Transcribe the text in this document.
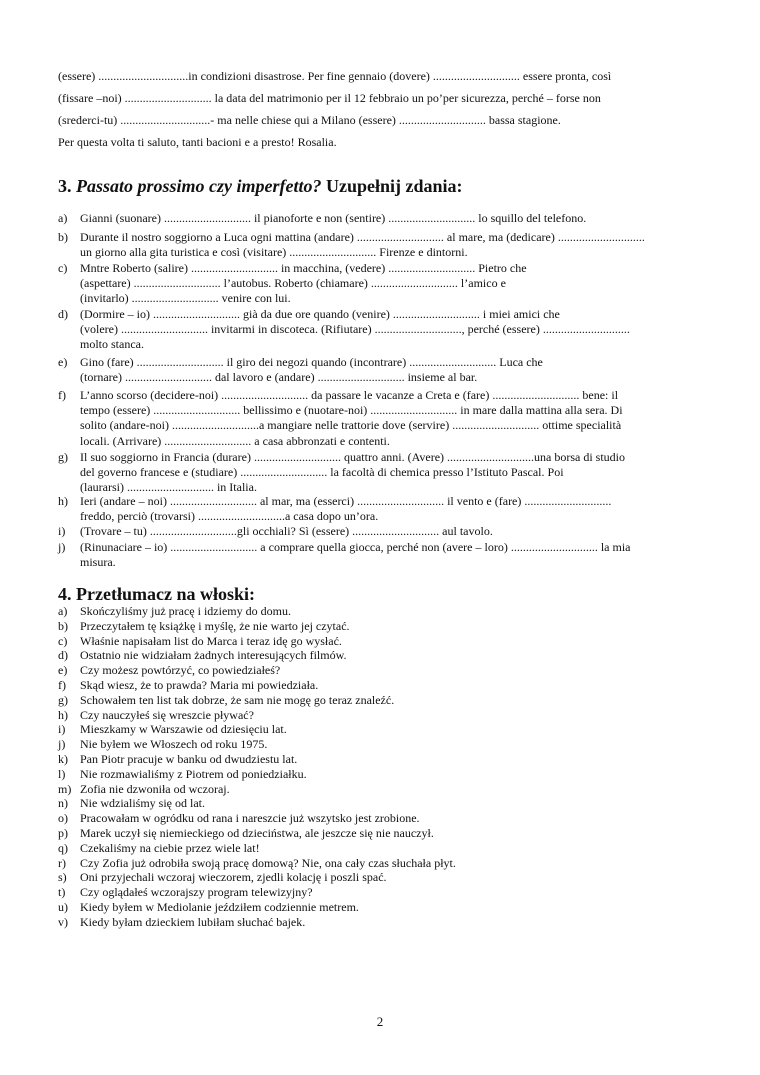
(essere) ..............................in condizioni disastrose. Per fine gennaio (dovere) ............................. essere pronta, così

(fissare –noi) ............................. la data del matrimonio per il 12 febbraio un po’per sicurezza, perché – forse non

(srederci-tu) ..............................- ma nelle chiese qui a Milano (essere) ............................. bassa stagione.

Per questa volta ti saluto, tanti bacioni e a presto! Rosalia.

3. Passato prossimo czy imperfetto? Uzupełnij zdania:
a) Gianni (suonare) ............................. il pianoforte e non (sentire) ............................. lo squillo del telefono.
b) Durante il nostro soggiorno a Luca ogni mattina (andare) ............................. al mare, ma (dedicare) .............................
un giorno alla gita turistica e così (visitare) ............................. Firenze e dintorni.
c) Mntre Roberto (salire) ............................. in macchina, (vedere) ............................. Pietro che
(aspettare) ............................. l’autobus. Roberto (chiamare) ............................. l’amico e
(invitarlo) ............................. venire con lui.
d) (Dormire – io) ............................. già da due ore quando (venire) ............................. i miei amici che
(volere) ............................. invitarmi in discoteca. (Rifiutare) ............................., perché (essere) .............................
molto stanca.
e) Gino (fare) ............................. il giro dei negozi quando (incontrare) ............................. Luca che
(tornare) ............................. dal lavoro e (andare) ............................. insieme al bar.
f) L’anno scorso (decidere-noi) ............................. da passare le vacanze a Creta e (fare) ............................. bene: il
tempo (essere) ............................. bellissimo e (nuotare-noi) ............................. in mare dalla mattina alla sera. Di
solito (andare-noi) .............................a mangiare nelle trattorie dove (servire) ............................. ottime specialità
locali. (Arrivare) ............................. a casa abbronzati e contenti.
g) Il suo soggiorno in Francia (durare) ............................. quattro anni. (Avere) .............................una borsa di studio
del governo francese e (studiare) ............................. la facoltà di chemica presso l’Istituto Pascal. Poi
(laurarsi) ............................. in Italia.
h) Ieri (andare – noi) ............................. al mar, ma (esserci) ............................. il vento e (fare) .............................
freddo, perciò (trovarsi) .............................a casa dopo un’ora.
i) (Trovare – tu) .............................gli occhiali? Sì (essere) ............................. aul tavolo.
j) (Rinunaciare – io) ............................. a comprare quella giocca, perché non (avere – loro) ............................. la mia
misura.
4. Przetłumacz na włoski:
a) Skończyliśmy już pracę i idziemy do domu.
b) Przeczytałem tę książkę i myślę, że nie warto jej czytać.
c) Właśnie napisałam list do Marca i teraz idę go wysłać.
d) Ostatnio nie widziałam żadnych interesujących filmów.
e) Czy możesz powtórzyć, co powiedziałeś?
f) Skąd wiesz, że to prawda? Maria mi powiedziała.
g) Schowałem ten list tak dobrze, że sam nie mogę go teraz znaleźć.
h) Czy nauczyłeś się wreszcie pływać?
i) Mieszkamy w Warszawie od dziesięciu lat.
j) Nie byłem we Włoszech od roku 1975.
k) Pan Piotr pracuje w banku od dwudziestu lat.
l) Nie rozmawialiśmy z Piotrem od poniedziałku.
m) Zofia nie dzwoniła od wczoraj.
n) Nie wdzialiśmy się od lat.
o) Pracowałam w ogródku od rana i nareszcie już wszytsko jest zrobione.
p) Marek uczył się niemieckiego od dzieciństwa, ale jeszcze się nie nauczył.
q) Czekaliśmy na ciebie przez wiele lat!
r) Czy Zofia już odrobiła swoją pracę domową? Nie, ona cały czas słuchała płyt.
s) Oni przyjechali wczoraj wieczorem, zjedli kolację i poszli spać.
t) Czy oglądałeś wczorajszy program telewizyjny?
u) Kiedy byłem w Mediolanie jeździłem codziennie metrem.
v) Kiedy byłam dzieckiem lubiłam słuchać bajek.
2
